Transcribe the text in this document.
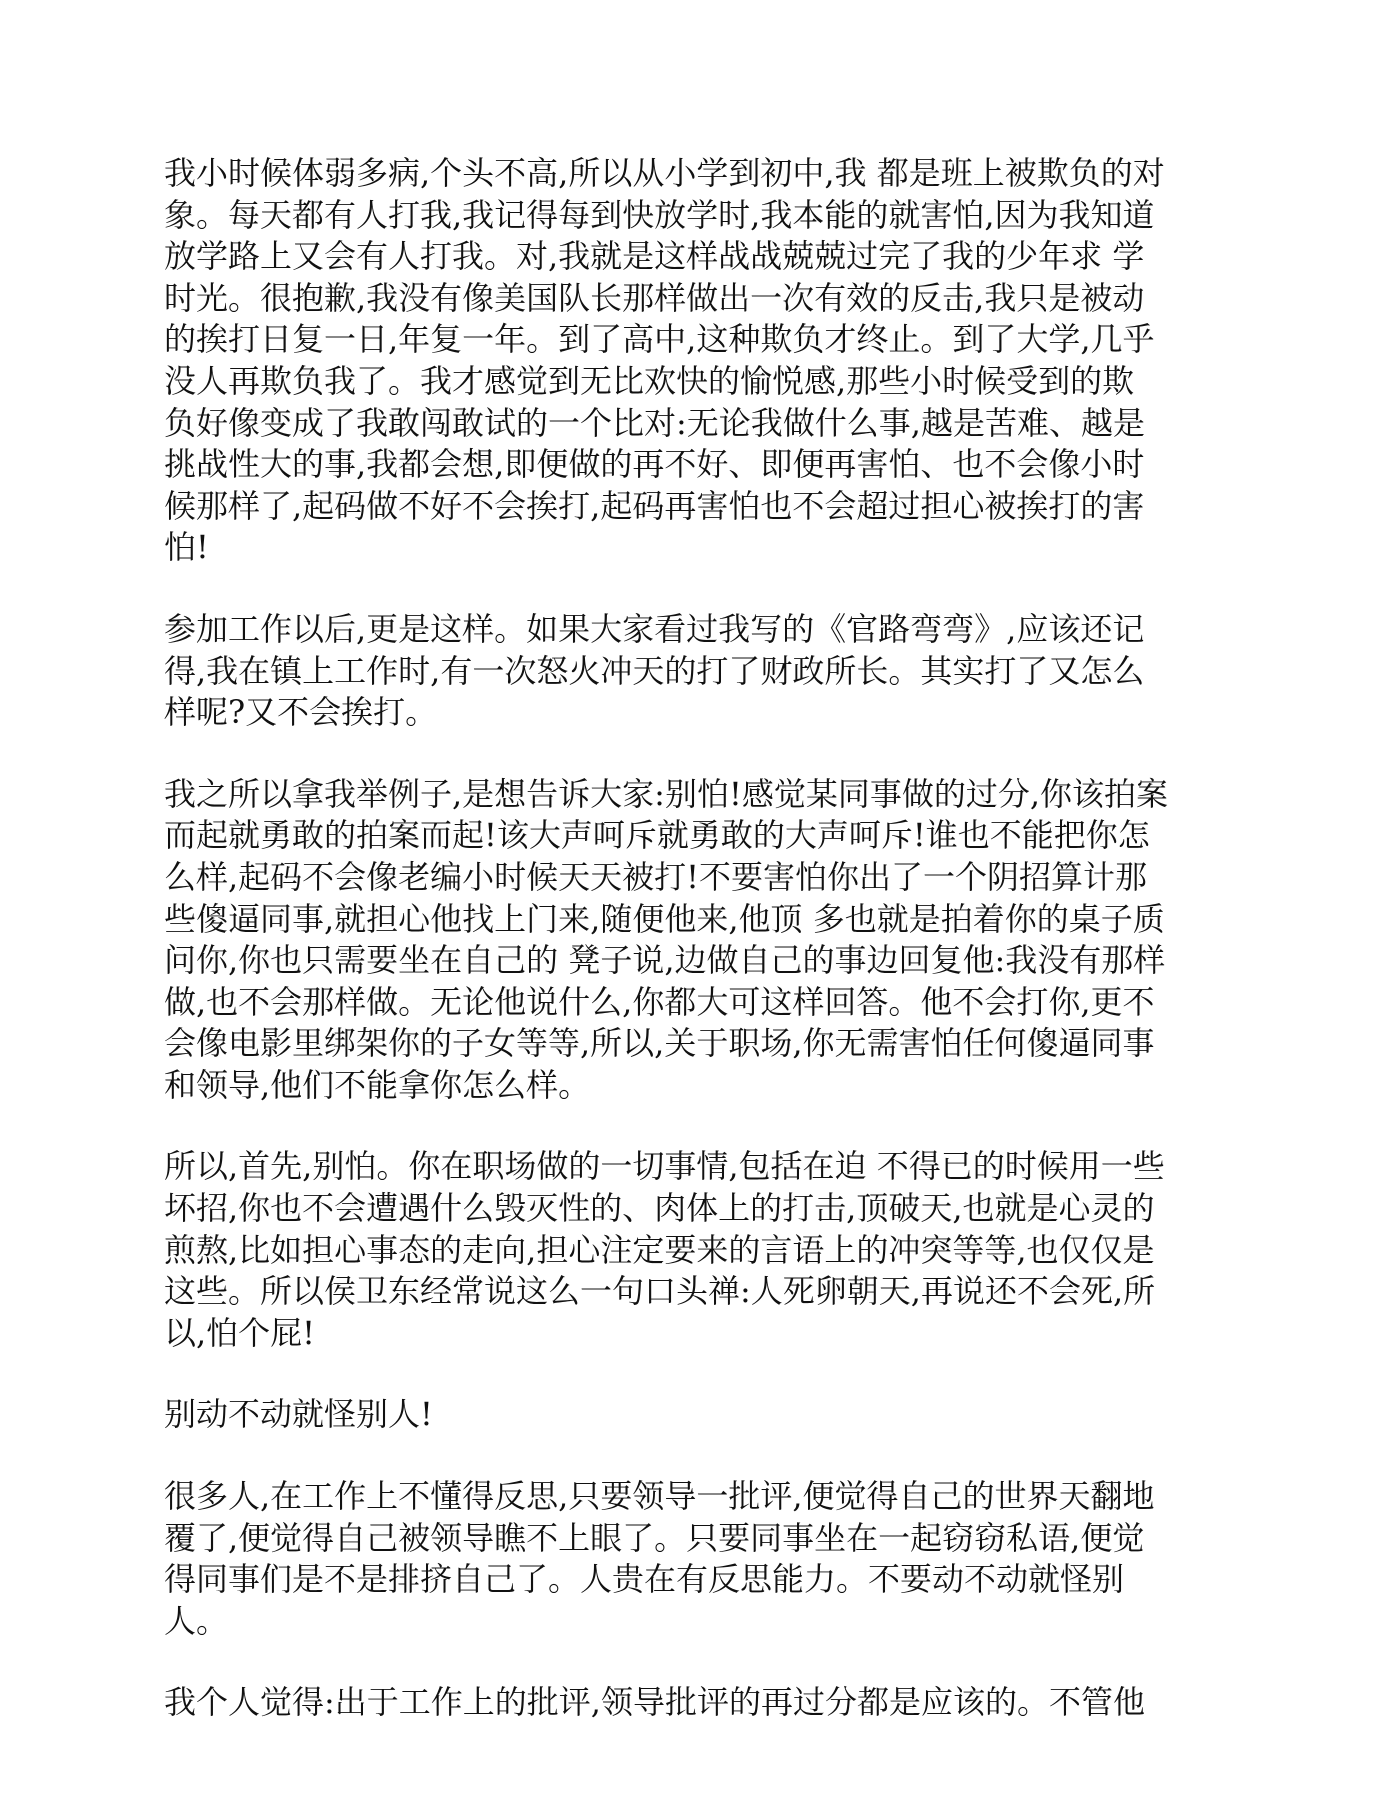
我小时候体弱多病,个头不高,所以从小学到初中,我 都是班上被欺负的对
象。每天都有人打我,我记得每到快放学时,我本能的就害怕,因为我知道
放学路上又会有人打我。对,我就是这样战战兢兢过完了我的少年求 学
时光。很抱歉,我没有像美国队长那样做出一次有效的反击,我只是被动
的挨打日复一日,年复一年。到了高中,这种欺负才终止。到了大学,几乎
没人再欺负我了。我才感觉到无比欢快的愉悦感,那些小时候受到的欺
负好像变成了我敢闯敢试的一个比对:无论我做什么事,越是苦难、越是
挑战性大的事,我都会想,即便做的再不好、即便再害怕、也不会像小时
候那样了,起码做不好不会挨打,起码再害怕也不会超过担心被挨打的害
怕!

参加工作以后,更是这样。如果大家看过我写的《官路弯弯》,应该还记
得,我在镇上工作时,有一次怒火冲天的打了财政所长。其实打了又怎么
样呢?又不会挨打。

我之所以拿我举例子,是想告诉大家:别怕!感觉某同事做的过分,你该拍案
而起就勇敢的拍案而起!该大声呵斥就勇敢的大声呵斥!谁也不能把你怎
么样,起码不会像老编小时候天天被打!不要害怕你出了一个阴招算计那
些傻逼同事,就担心他找上门来,随便他来,他顶 多也就是拍着你的桌子质
问你,你也只需要坐在自己的 凳子说,边做自己的事边回复他:我没有那样
做,也不会那样做。无论他说什么,你都大可这样回答。他不会打你,更不
会像电影里绑架你的子女等等,所以,关于职场,你无需害怕任何傻逼同事
和领导,他们不能拿你怎么样。

所以,首先,别怕。你在职场做的一切事情,包括在迫 不得已的时候用一些
坏招,你也不会遭遇什么毁灭性的、肉体上的打击,顶破天,也就是心灵的
煎熬,比如担心事态的走向,担心注定要来的言语上的冲突等等,也仅仅是
这些。所以侯卫东经常说这么一句口头禅:人死卵朝天,再说还不会死,所
以,怕个屁!

别动不动就怪别人!

很多人,在工作上不懂得反思,只要领导一批评,便觉得自己的世界天翻地
覆了,便觉得自己被领导瞧不上眼了。只要同事坐在一起窃窃私语,便觉
得同事们是不是排挤自己了。人贵在有反思能力。不要动不动就怪别
人。

我个人觉得:出于工作上的批评,领导批评的再过分都是应该的。不管他
